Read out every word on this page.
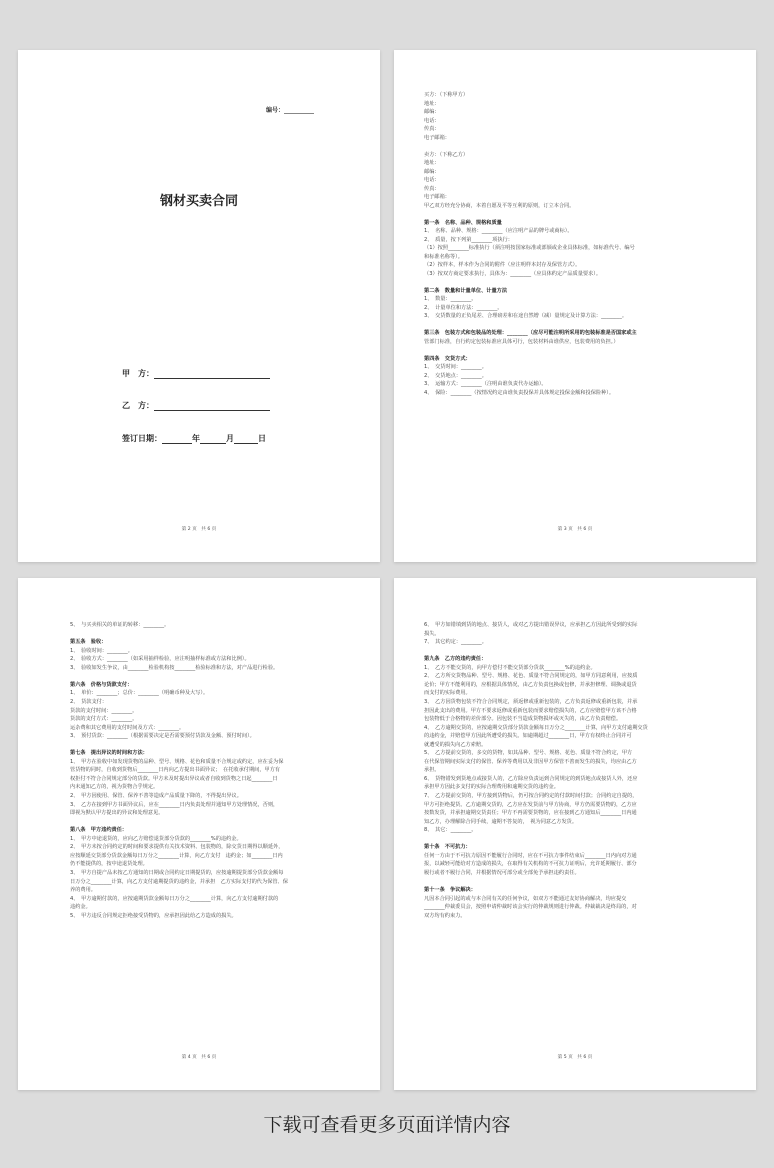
编号：__________
钢材买卖合同
甲　方：
乙　方：
签订日期：	年	月	日
第 2 页　共 6 页	第 3 页　共 6 页
买方：（下称甲方）
地址：
邮编：
电话：
传真：
电子邮箱：
卖方：（下称乙方）
地址：
邮编：
电话：
传真：
电子邮箱：
甲乙双方经充分协商，本着自愿及平等互利的原则，订立本合同。
第一条　名称、品种、规格和质量
1、　名称、品种、规格：________（应注明产品的牌号或商标）。
2、　质量，按下列第________项执行：
（1）按照________标准执行（须注明按国家标准或部颁或企业具体标准，如标准代号、编号
和标准名称等）。
（2）按样本，样本作为合同的附件（应注明样本封存及保管方式）。
（3）按双方商定要求执行，具体为：________（应具体约定产品质量要求）。
第二条　数量和计量单位、计量方法
1、　数量：________。
2、　计量单位和方法：________。
3、　交货数量的正负尾差、合理磅差和在途自然增（减）量规定及计算方法：________。
第三条　包装方式和包装品的处理：________（应尽可能注明所采用的包装标准是否国家或主
管部门标准，自行约定包装标准应具体可行，包装材料由谁供应，包装费用的负担。）
第四条　交货方式：
1、　交货时间：________。
2、　交货地点：________。
3、　运输方式：________（注明由谁负责代办运输）。
4、　保险：________（按情况约定由谁负责投保并具体规定投保金额和投保险种）。
第 4 页　共 6 页
5、　与买卖相关的单证的转移：________。
第五条　验收：
1、　验收时间：________。
2、　验收方式：________（如采用抽样检验，应注明抽样标准或方法和比例）。
3、　验收如发生争议，由________检验机构按________检验标准和方法，对产品进行检验。
第六条　价格与货款支付：
1、　单价：________；总价：________（明确币种及大写）。
2、　货款支付：
货款的支付时间：________。
货款的支付方式：________。
运杂费和其它费用的支付时间及方式：________。
3、　预付货款：________（根据需要决定是否需要预付货款及金额、预付时间）。
第七条　提出异议的时间和方法：
1、　甲方在验收中如发现货物的品种、型号、规格、花色和质量不合规定或约定，应在妥为保
管货物的同时，自收到货物后________日内向乙方提出书面异议；　在托收承付期间，甲方有
权拒付不符合合同规定部分的货款。甲方未及时提出异议或者自收到货物之日起________日
内未通知乙方的，视为货物合乎规定。
2、　甲方因使用、保管、保养不善等造成产品质量下降的，不得提出异议。
3、　乙方在接到甲方书面异议后，应在________日内负责处理并通知甲方处理情况，否则，
即视为默认甲方提出的异议和处理意见。
第八条　甲方违约责任：
1、　甲方中途退货的，应向乙方赔偿退货部分货款的________%的违约金。
2、　甲方未按合同约定的时间和要求提供有关技术资料、包装物的，除交货日期得以顺延外，
应按顺延交货部分货款金额每日万分之________计算，向乙方支付　违约金；如________日内
仍不能提供的，按中途退货处理。
3、　甲方自提产品未按乙方通知的日期或合同约定日期提货的，应按逾期提货部分货款金额每
日万分之________计算，向乙方支付逾期提货的违约金，并承担　乙方实际支付的代为保管、保
养的费用。
4、　甲方逾期付款的，应按逾期货款金额每日万分之________计算，向乙方支付逾期付款的
违约金。
5、　甲方违反合同规定拒绝接受货物的，应承担因此给乙方造成的损失。
第 5 页　共 6 页
6、　甲方如错填到货的地点、接货人，或对乙方提出错误异议，应承担乙方因此所受到的实际
损失。
7、　其它约定：________。
第九条　乙方的违约责任：
1、　乙方不能交货的，向甲方偿付不能交货部分货款________%的违约金。
2、　乙方所交货物品种、型号、规格、花色、质量不符合同规定的，如甲方同意利用，应按质
论价；甲方不能利用的，应根据具体情况，由乙方负责包换或包修，并承担修理、调换或退货
而支付的实际费用。
3、　乙方因货物包装不符合合同规定，须返修或重新包装的，乙方负责返修或重新包装，并承
担因此支出的费用。甲方不要求返修或重新包装而要求赔偿损失的，乙方应赔偿甲方该不合格
包装物低于合格物的差价部分。因包装不当造成货物损坏或灭失的，由乙方负责赔偿。
4、　乙方逾期交货的，应按逾期交货部分货款金额每日万分之________计算，向甲方支付逾期交货
的违约金，并赔偿甲方因此所遭受的损失。如逾期超过________日，甲方有权终止合同并可
就遭受的损失向乙方索赔。
5、　乙方提前交货的，多交的货物，如其品种、型号、规格、花色、质量不符合约定，甲方
在代保管期间实际支付的保管、保养等费用以及非因甲方保管不善而发生的损失，均应由乙方
承担。
6、　货物错发到货地点或接货人的，乙方除应负责运到合同规定的到货地点或接货人外，还应
承担甲方因此多支付的实际合理费用和逾期交货的违约金。
7、　乙方提前交货的，甲方接到货物后，仍可按合同约定的付款时间付款；合同约定自提的，
甲方可拒绝提货。乙方逾期交货的，乙方应在发货前与甲方协商，甲方仍需要货物的，乙方应
按数发货，并承担逾期交货责任；甲方不再需要货物的，应在接到乙方通知后________日内通
知乙方，办理解除合同手续，逾期不答复的，　视为同意乙方发货。
8、　其它：________。
第十条　不可抗力：
任何一方由于不可抗力原因不能履行合同时，应在不可抗力事件结束后________日内向对方通
报，以减轻可能给对方造成的损失，在取得有关机构的不可抗力证明后，允许延期履行、部分
履行或者不履行合同，并根据情况可部分或全部免予承担违约责任。
第十一条　争议解决：
凡因本合同引起的或与本合同有关的任何争议，如双方不能通过友好协商解决，均应提交
________仲裁委员会，按照申请仲裁时该会实行的仲裁规则进行仲裁。仲裁裁决是终局的，对
双方均有约束力。
下载可查看更多页面详情内容
